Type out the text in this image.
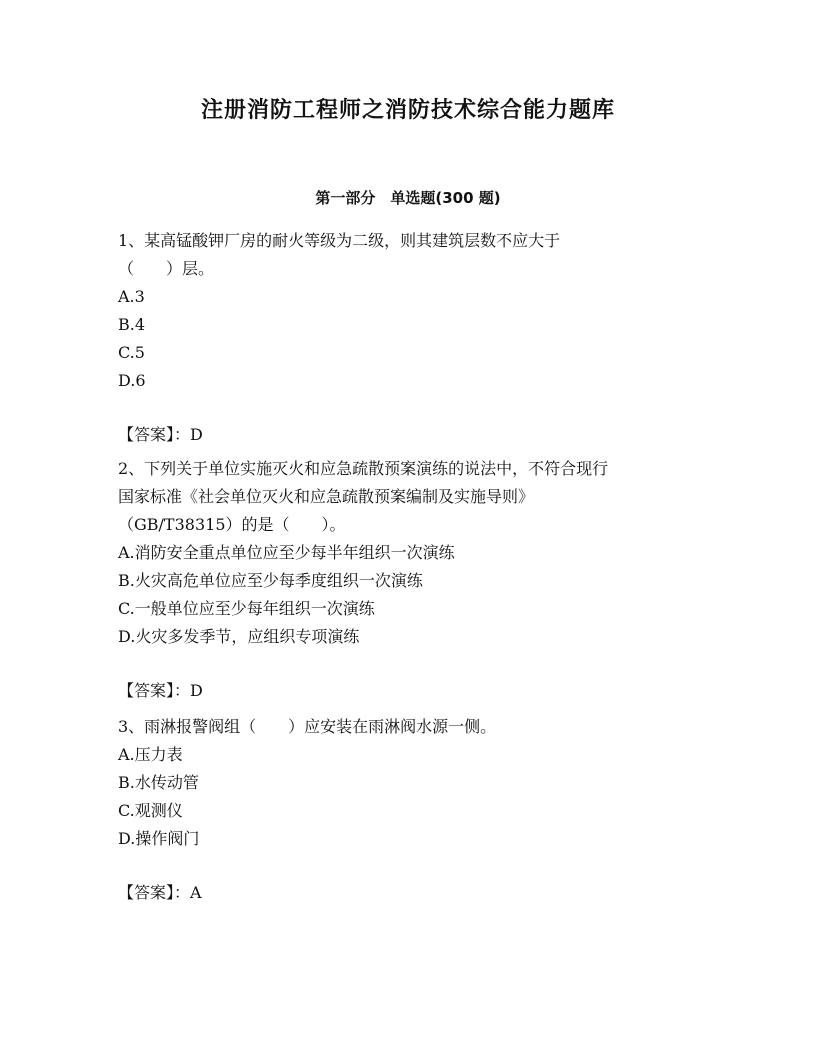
注册消防工程师之消防技术综合能力题库
第一部分　单选题(300 题)
1、某高锰酸钾厂房的耐火等级为二级，则其建筑层数不应大于
（　　）层。
A.3
B.4
C.5
D.6
【答案】：D
2、下列关于单位实施灭火和应急疏散预案演练的说法中，不符合现行
国家标准《社会单位灭火和应急疏散预案编制及实施导则》
（GB/T38315）的是（　　）。
A.消防安全重点单位应至少每半年组织一次演练
B.火灾高危单位应至少每季度组织一次演练
C.一般单位应至少每年组织一次演练
D.火灾多发季节，应组织专项演练
【答案】：D
3、雨淋报警阀组（　　）应安装在雨淋阀水源一侧。
A.压力表
B.水传动管
C.观测仪
D.操作阀门
【答案】：A
